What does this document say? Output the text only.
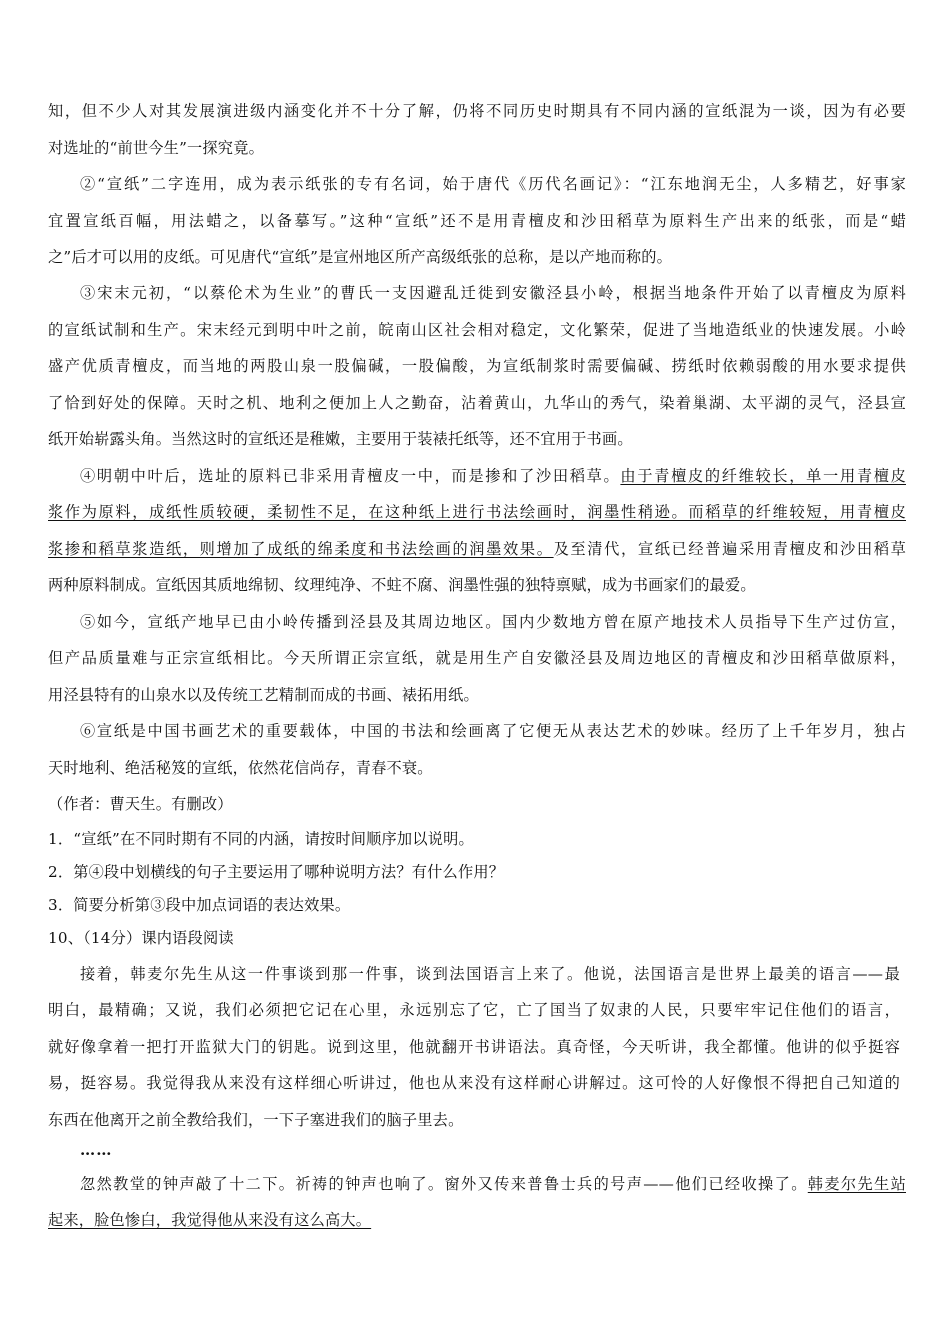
知，但不少人对其发展演进级内涵变化并不十分了解，仍将不同历史时期具有不同内涵的宣纸混为一谈，因为有必要
对选址的“前世今生”一探究竟。
②“宣纸”二字连用，成为表示纸张的专有名词，始于唐代《历代名画记》：“江东地润无尘，人多精艺，好事家
宜置宣纸百幅，用法蜡之，以备摹写。”这种“宣纸”还不是用青檀皮和沙田稻草为原料生产出来的纸张，而是“蜡
之”后才可以用的皮纸。可见唐代“宣纸”是宣州地区所产高级纸张的总称，是以产地而称的。
③宋末元初，“以蔡伦术为生业”的曹氏一支因避乱迁徙到安徽泾县小岭，根据当地条件开始了以青檀皮为原料
的宣纸试制和生产。宋末经元到明中叶之前，皖南山区社会相对稳定，文化繁荣，促进了当地造纸业的快速发展。小岭
盛产优质青檀皮，而当地的两股山泉一股偏碱，一股偏酸，为宣纸制浆时需要偏碱、捞纸时依赖弱酸的用水要求提供
了恰到好处的保障。天时之机、地利之便加上人之勤奋，沾着黄山，九华山的秀气，染着巢湖、太平湖的灵气，泾县宣
纸开始崭露头角。当然这时的宣纸还是稚嫩，主要用于装裱托纸等，还不宜用于书画。
④明朝中叶后，选址的原料已非采用青檀皮一中，而是掺和了沙田稻草。由于青檀皮的纤维较长，单一用青檀皮
浆作为原料，成纸性质较硬，柔韧性不足，在这种纸上进行书法绘画时，润墨性稍逊。而稻草的纤维较短，用青檀皮
浆掺和稻草浆造纸，则增加了成纸的绵柔度和书法绘画的润墨效果。及至清代，宣纸已经普遍采用青檀皮和沙田稻草
两种原料制成。宣纸因其质地绵韧、纹理纯净、不蛀不腐、润墨性强的独特禀赋，成为书画家们的最爱。
⑤如今，宣纸产地早已由小岭传播到泾县及其周边地区。国内少数地方曾在原产地技术人员指导下生产过仿宣，
但产品质量难与正宗宣纸相比。今天所谓正宗宣纸，就是用生产自安徽泾县及周边地区的青檀皮和沙田稻草做原料，
用泾县特有的山泉水以及传统工艺精制而成的书画、裱拓用纸。
⑥宣纸是中国书画艺术的重要载体，中国的书法和绘画离了它便无从表达艺术的妙味。经历了上千年岁月，独占
天时地利、绝活秘笈的宣纸，依然花信尚存，青春不衰。
（作者：曹天生。有删改）
1．“宣纸”在不同时期有不同的内涵，请按时间顺序加以说明。
2．第④段中划横线的句子主要运用了哪种说明方法？有什么作用？
3．简要分析第③段中加点词语的表达效果。
10、（14分）课内语段阅读
接着，韩麦尔先生从这一件事谈到那一件事，谈到法国语言上来了。他说，法国语言是世界上最美的语言——最
明白，最精确；又说，我们必须把它记在心里，永远别忘了它，亡了国当了奴隶的人民，只要牢牢记住他们的语言，
就好像拿着一把打开监狱大门的钥匙。说到这里，他就翻开书讲语法。真奇怪，今天听讲，我全都懂。他讲的似乎挺容
易，挺容易。我觉得我从来没有这样细心听讲过，他也从来没有这样耐心讲解过。这可怜的人好像恨不得把自己知道的
东西在他离开之前全教给我们，一下子塞进我们的脑子里去。
……
忽然教堂的钟声敲了十二下。祈祷的钟声也响了。窗外又传来普鲁士兵的号声——他们已经收操了。韩麦尔先生站
起来，脸色惨白，我觉得他从来没有这么高大。
